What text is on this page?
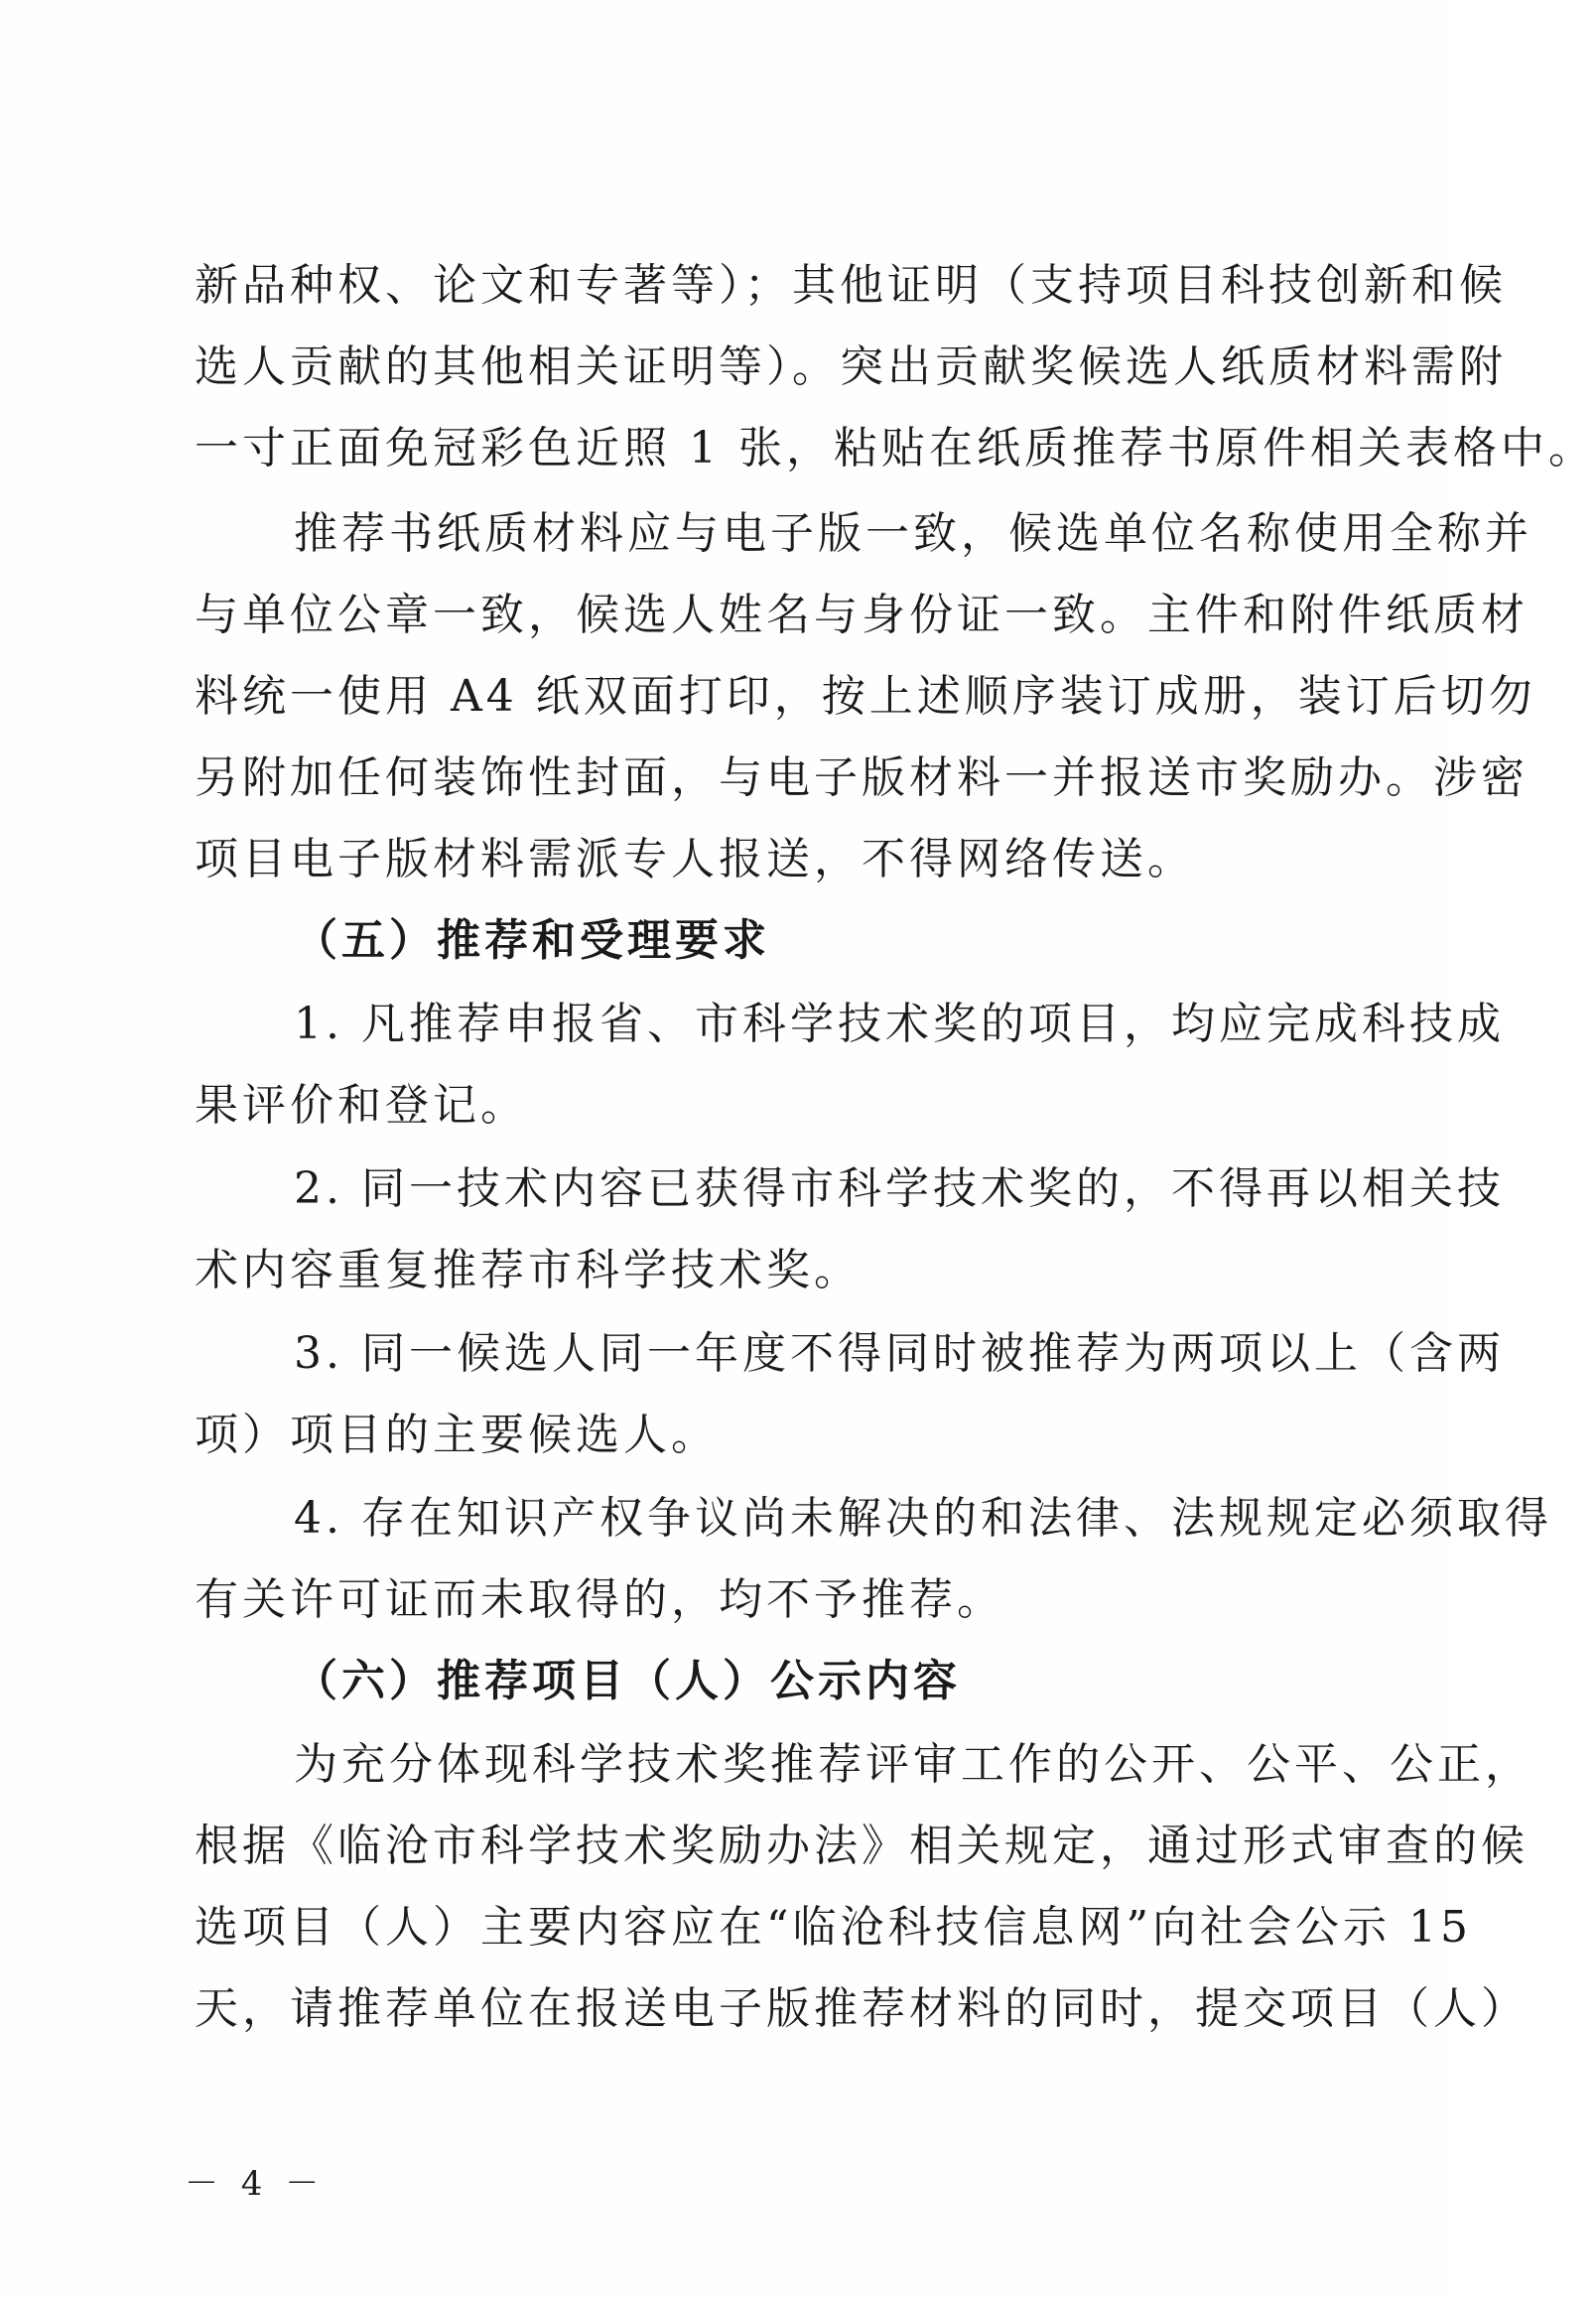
新品种权、论文和专著等）；其他证明（支持项目科技创新和候
选人贡献的其他相关证明等）。突出贡献奖候选人纸质材料需附
一寸正面免冠彩色近照 1 张，粘贴在纸质推荐书原件相关表格中。
推荐书纸质材料应与电子版一致，候选单位名称使用全称并
与单位公章一致，候选人姓名与身份证一致。主件和附件纸质材
料统一使用 A4 纸双面打印，按上述顺序装订成册，装订后切勿
另附加任何装饰性封面，与电子版材料一并报送市奖励办。涉密
项目电子版材料需派专人报送，不得网络传送。
（五）推荐和受理要求
1. 凡推荐申报省、市科学技术奖的项目，均应完成科技成
果评价和登记。
2. 同一技术内容已获得市科学技术奖的，不得再以相关技
术内容重复推荐市科学技术奖。
3. 同一候选人同一年度不得同时被推荐为两项以上（含两
项）项目的主要候选人。
4. 存在知识产权争议尚未解决的和法律、法规规定必须取得
有关许可证而未取得的，均不予推荐。
（六）推荐项目（人）公示内容
为充分体现科学技术奖推荐评审工作的公开、公平、公正，
根据《临沧市科学技术奖励办法》相关规定，通过形式审查的候
选项目（人）主要内容应在“临沧科技信息网”向社会公示 15
天，请推荐单位在报送电子版推荐材料的同时，提交项目（人）
－ 4 －
